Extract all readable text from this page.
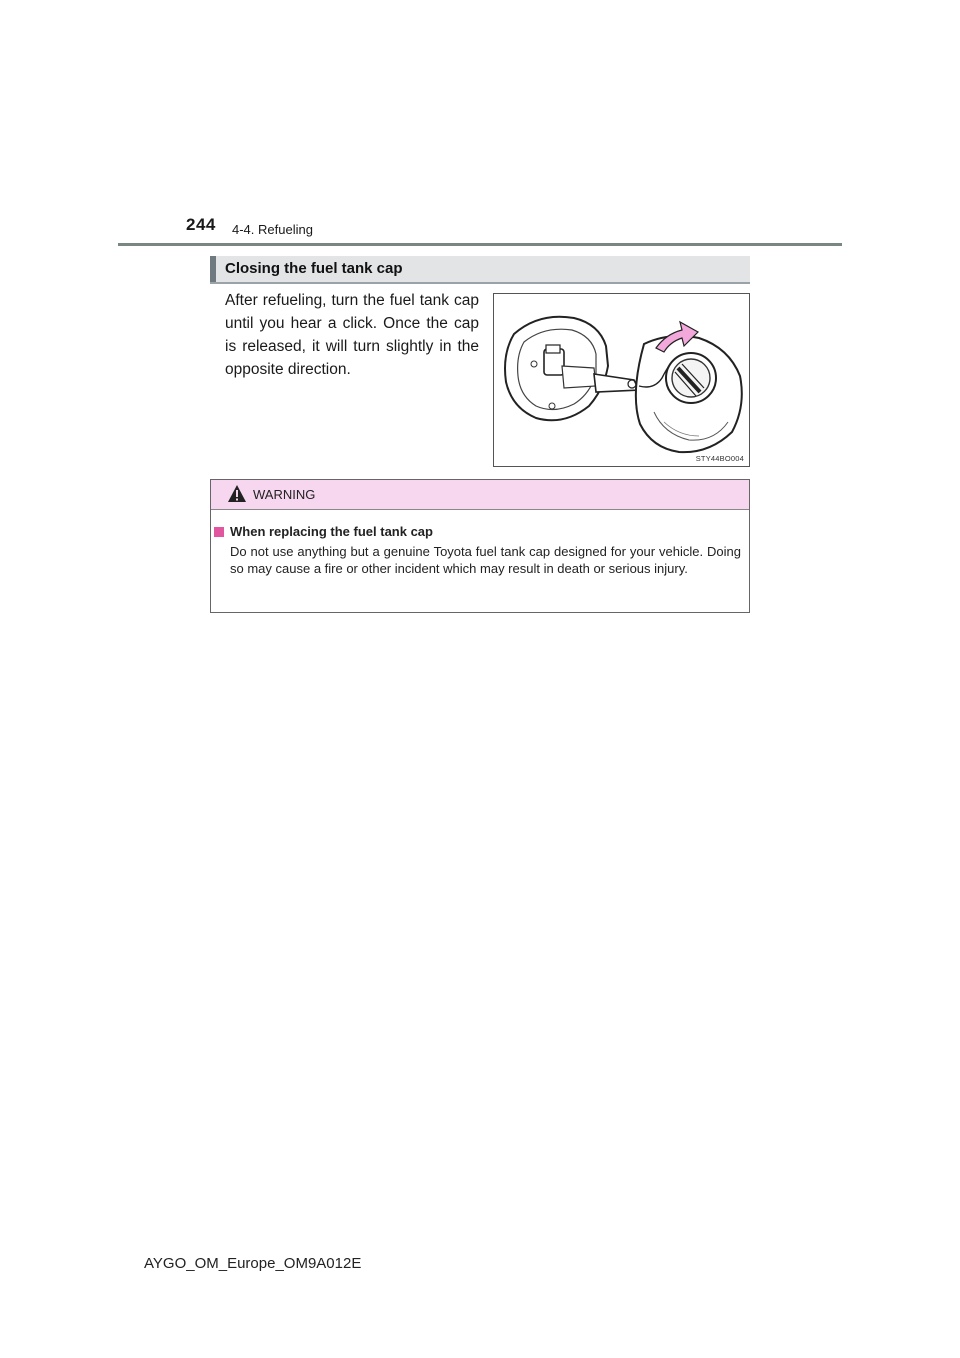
244 4-4. Refueling
Closing the fuel tank cap
After refueling, turn the fuel tank cap until you hear a click. Once the cap is released, it will turn slightly in the opposite direction.
STY44BO004
WARNING
When replacing the fuel tank cap
Do not use anything but a genuine Toyota fuel tank cap designed for your vehicle. Doing so may cause a fire or other incident which may result in death or serious injury.
AYGO_OM_Europe_OM9A012E
